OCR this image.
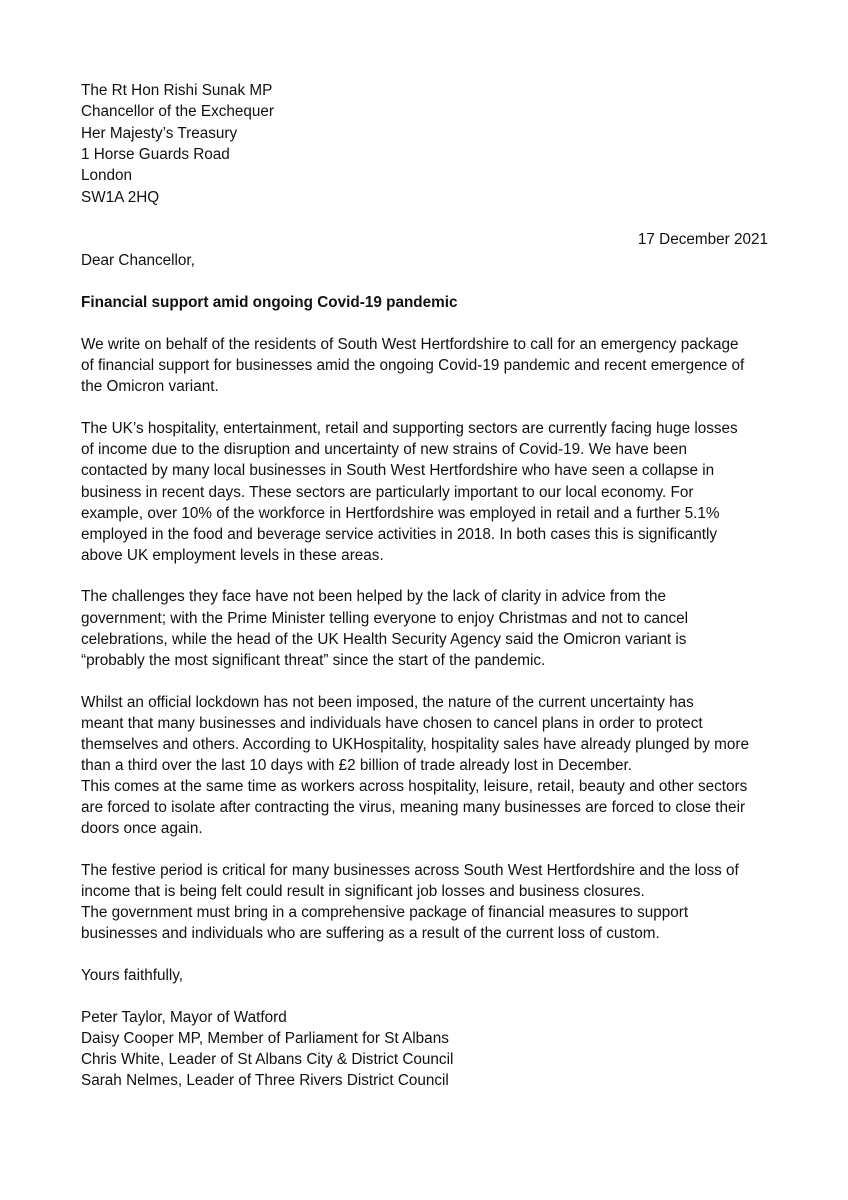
The Rt Hon Rishi Sunak MP
Chancellor of the Exchequer
Her Majesty’s Treasury
1 Horse Guards Road
London
SW1A 2HQ
17 December 2021
Dear Chancellor,
Financial support amid ongoing Covid-19 pandemic
We write on behalf of the residents of South West Hertfordshire to call for an emergency package
of financial support for businesses amid the ongoing Covid-19 pandemic and recent emergence of
the Omicron variant.
The UK’s hospitality, entertainment, retail and supporting sectors are currently facing huge losses
of income due to the disruption and uncertainty of new strains of Covid-19. We have been
contacted by many local businesses in South West Hertfordshire who have seen a collapse in
business in recent days. These sectors are particularly important to our local economy. For
example, over 10% of the workforce in Hertfordshire was employed in retail and a further 5.1%
employed in the food and beverage service activities in 2018. In both cases this is significantly
above UK employment levels in these areas.
The challenges they face have not been helped by the lack of clarity in advice from the
government; with the Prime Minister telling everyone to enjoy Christmas and not to cancel
celebrations, while the head of the UK Health Security Agency said the Omicron variant is
“probably the most significant threat” since the start of the pandemic.
Whilst an official lockdown has not been imposed, the nature of the current uncertainty has
meant that many businesses and individuals have chosen to cancel plans in order to protect
themselves and others. According to UKHospitality, hospitality sales have already plunged by more
than a third over the last 10 days with £2 billion of trade already lost in December.
This comes at the same time as workers across hospitality, leisure, retail, beauty and other sectors
are forced to isolate after contracting the virus, meaning many businesses are forced to close their
doors once again.
The festive period is critical for many businesses across South West Hertfordshire and the loss of
income that is being felt could result in significant job losses and business closures.
The government must bring in a comprehensive package of financial measures to support
businesses and individuals who are suffering as a result of the current loss of custom.
Yours faithfully,
Peter Taylor, Mayor of Watford
Daisy Cooper MP, Member of Parliament for St Albans
Chris White, Leader of St Albans City & District Council
Sarah Nelmes, Leader of Three Rivers District Council
